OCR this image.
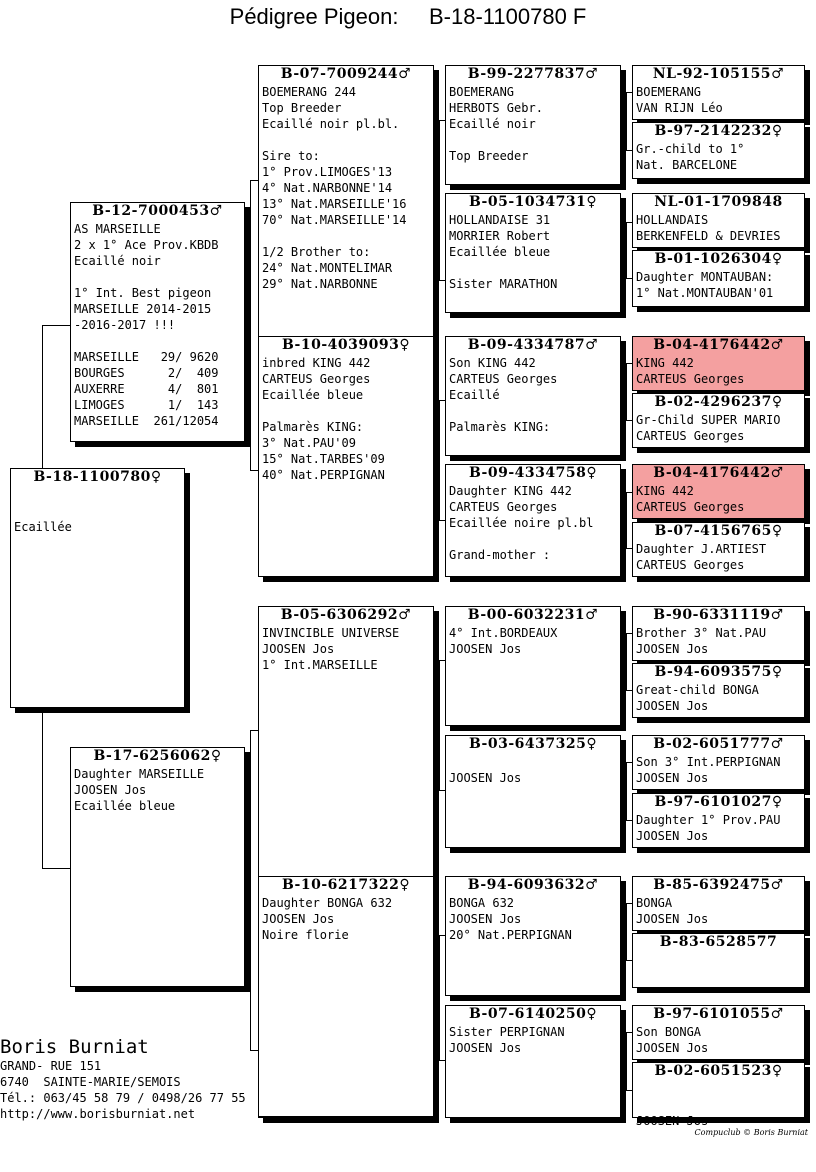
Pédigree Pigeon:     B-18-1100780 F
B-18-1100780♀
Ecaillée
B-12-7000453♂
AS MARSEILLE
2 x 1° Ace Prov.KBDB
Ecaillé noir
1° Int. Best pigeon
MARSEILLE 2014-2015
-2016-2017 !!!
MARSEILLE   29/ 9620
BOURGES      2/  409
AUXERRE      4/  801
LIMOGES      1/  143
MARSEILLE  261/12054
B-17-6256062♀
Daughter MARSEILLE
JOOSEN Jos
Ecaillée bleue
B-07-7009244♂
BOEMERANG 244
Top Breeder
Ecaillé noir pl.bl.
Sire to:
1° Prov.LIMOGES'13
4° Nat.NARBONNE'14
13° Nat.MARSEILLE'16
70° Nat.MARSEILLE'14
1/2 Brother to:
24° Nat.MONTELIMAR
29° Nat.NARBONNE
B-10-4039093♀
inbred KING 442
CARTEUS Georges
Ecaillée bleue
Palmarès KING:
3° Nat.PAU'09
15° Nat.TARBES'09
40° Nat.PERPIGNAN
B-05-6306292♂
INVINCIBLE UNIVERSE
JOOSEN Jos
1° Int.MARSEILLE
B-10-6217322♀
Daughter BONGA 632
JOOSEN Jos
Noire florie
B-99-2277837♂
BOEMERANG
HERBOTS Gebr.
Ecaillé noir
Top Breeder
B-05-1034731♀
HOLLANDAISE 31
MORRIER Robert
Ecaillée bleue
Sister MARATHON
B-09-4334787♂
Son KING 442
CARTEUS Georges
Ecaillé
Palmarès KING:
B-09-4334758♀
Daughter KING 442
CARTEUS Georges
Ecaillée noire pl.bl
Grand-mother :
B-00-6032231♂
4° Int.BORDEAUX
JOOSEN Jos
B-03-6437325♀
JOOSEN Jos
B-94-6093632♂
BONGA 632
JOOSEN Jos
20° Nat.PERPIGNAN
B-07-6140250♀
Sister PERPIGNAN
JOOSEN Jos
NL-92-105155♂
BOEMERANG
VAN RIJN Léo
B-97-2142232♀
Gr.-child to 1°
Nat. BARCELONE
NL-01-1709848
HOLLANDAIS
BERKENFELD & DEVRIES
B-01-1026304♀
Daughter MONTAUBAN:
1° Nat.MONTAUBAN'01
B-04-4176442♂
KING 442
CARTEUS Georges
B-02-4296237♀
Gr-Child SUPER MARIO
CARTEUS Georges
B-04-4176442♂
KING 442
CARTEUS Georges
B-07-4156765♀
Daughter J.ARTIEST
CARTEUS Georges
B-90-6331119♂
Brother 3° Nat.PAU
JOOSEN Jos
B-94-6093575♀
Great-child BONGA
JOOSEN Jos
B-02-6051777♂
Son 3° Int.PERPIGNAN
JOOSEN Jos
B-97-6101027♀
Daughter 1° Prov.PAU
JOOSEN Jos
B-85-6392475♂
BONGA
JOOSEN Jos
B-83-6528577
B-97-6101055♂
Son BONGA
JOOSEN Jos
B-02-6051523♀
JOOSEN Jos
Boris Burniat
GRAND- RUE 151
6740  SAINTE-MARIE/SEMOIS
Tél.: 063/45 58 79 / 0498/26 77 55
http://www.borisburniat.net
Compuclub © Boris Burniat
